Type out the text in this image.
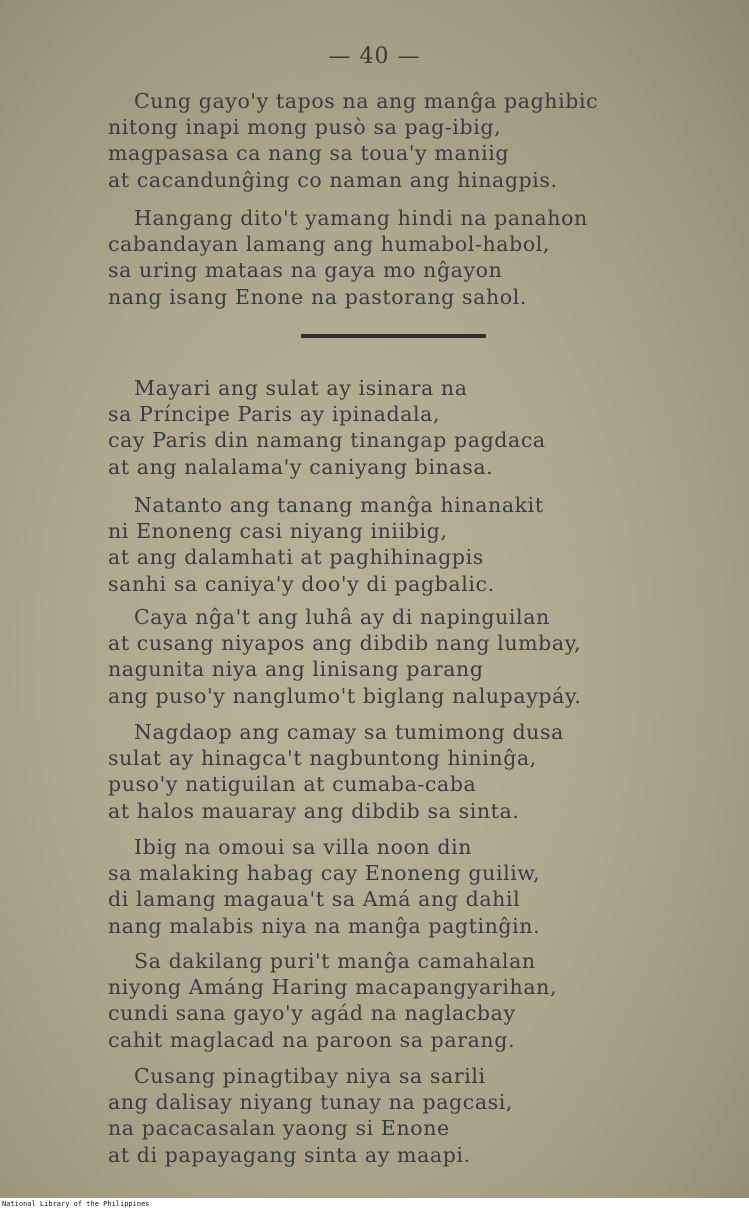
— 40 —
Cung gayo'y tapos na ang manĝa paghibic
nitong inapi mong pusò sa pag-ibig,
magpasasa ca nang sa toua'y maniig
at cacandunĝing co naman ang hinagpis.
Hangang dito't yamang hindi na panahon
cabandayan lamang ang humabol-habol,
sa uring mataas na gaya mo nĝayon
nang isang Enone na pastorang sahol.
Mayari ang sulat ay isinara na
sa Príncipe Paris ay ipinadala,
cay Paris din namang tinangap pagdaca
at ang nalalama'y caniyang binasa.
Natanto ang tanang manĝa hinanakit
ni Enoneng casi niyang iniibig,
at ang dalamhati at paghihinagpis
sanhi sa caniya'y doo'y di pagbalic.
Caya nĝa't ang luhâ ay di napinguilan
at cusang niyapos ang dibdib nang lumbay,
nagunita niya ang linisang parang
ang puso'y nanglumo't biglang nalupaypáy.
Nagdaop ang camay sa tumimong dusa
sulat ay hinagca't nagbuntong hininĝa,
puso'y natiguilan at cumaba-caba
at halos mauaray ang dibdib sa sinta.
Ibig na omoui sa villa noon din
sa malaking habag cay Enoneng guiliw,
di lamang magaua't sa Amá ang dahil
nang malabis niya na manĝa pagtinĝin.
Sa dakilang puri't manĝa camahalan
niyong Amáng Haring macapangyarihan,
cundi sana gayo'y agád na naglacbay
cahit maglacad na paroon sa parang.
Cusang pinagtibay niya sa sarili
ang dalisay niyang tunay na pagcasi,
na pacacasalan yaong si Enone
at di papayagang sinta ay maapi.
National Library of the Philippines
